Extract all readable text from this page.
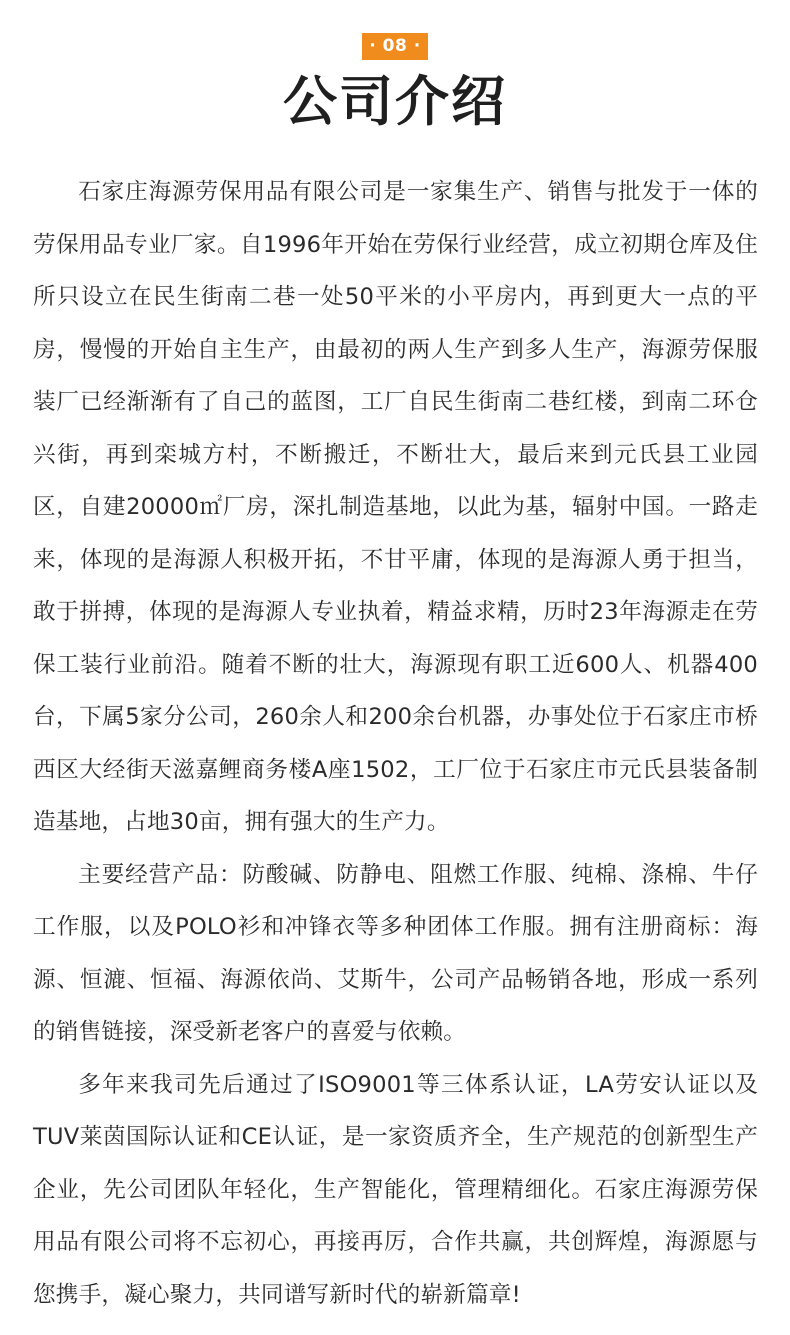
· 08 ·
公司介绍

石家庄海源劳保用品有限公司是一家集生产、销售与批发于一体的劳保用品专业厂家。自1996年开始在劳保行业经营，成立初期仓库及住所只设立在民生街南二巷一处50平米的小平房内，再到更大一点的平房，慢慢的开始自主生产，由最初的两人生产到多人生产，海源劳保服装厂已经渐渐有了自己的蓝图，工厂自民生街南二巷红楼，到南二环仓兴街，再到栾城方村，不断搬迁，不断壮大，最后来到元氏县工业园区，自建20000㎡厂房，深扎制造基地，以此为基，辐射中国。一路走来，体现的是海源人积极开拓，不甘平庸，体现的是海源人勇于担当，敢于拼搏，体现的是海源人专业执着，精益求精，历时23年海源走在劳保工装行业前沿。随着不断的壮大，海源现有职工近600人、机器400台，下属5家分公司，260余人和200余台机器，办事处位于石家庄市桥西区大经街天滋嘉鲤商务楼A座1502，工厂位于石家庄市元氏县装备制造基地，占地30亩，拥有强大的生产力。

主要经营产品：防酸碱、防静电、阻燃工作服、纯棉、涤棉、牛仔工作服，以及POLO衫和冲锋衣等多种团体工作服。拥有注册商标：海源、恒漉、恒福、海源依尚、艾斯牛，公司产品畅销各地，形成一系列的销售链接，深受新老客户的喜爱与依赖。

多年来我司先后通过了ISO9001等三体系认证，LA劳安认证以及TUV莱茵国际认证和CE认证，是一家资质齐全，生产规范的创新型生产企业，先公司团队年轻化，生产智能化，管理精细化。石家庄海源劳保用品有限公司将不忘初心，再接再厉，合作共赢，共创辉煌，海源愿与您携手，凝心聚力，共同谱写新时代的崭新篇章!
